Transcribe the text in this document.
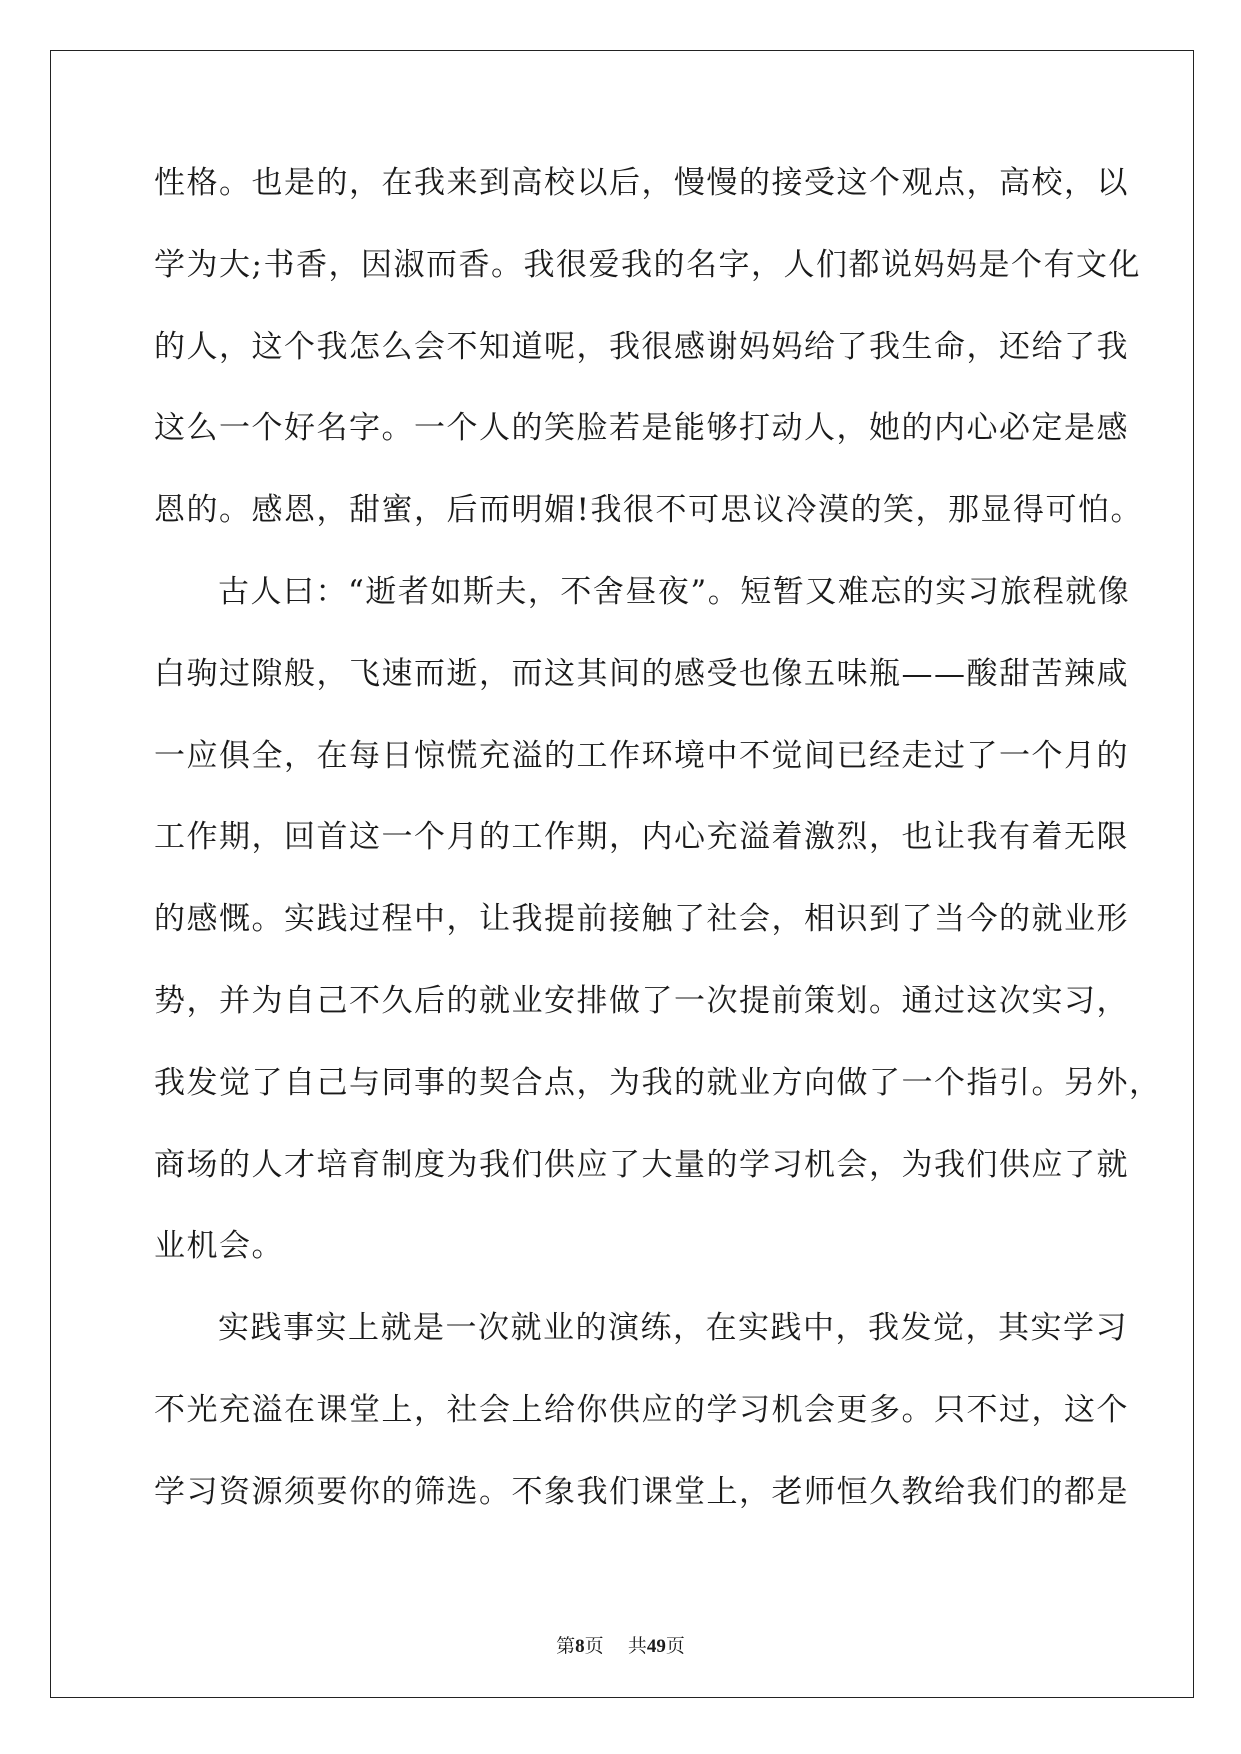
性格。也是的，在我来到高校以后，慢慢的接受这个观点，高校，以
学为大;书香，因淑而香。我很爱我的名字，人们都说妈妈是个有文化
的人，这个我怎么会不知道呢，我很感谢妈妈给了我生命，还给了我
这么一个好名字。一个人的笑脸若是能够打动人，她的内心必定是感
恩的。感恩，甜蜜，后而明媚!我很不可思议冷漠的笑，那显得可怕。
古人曰：“逝者如斯夫，不舍昼夜”。短暂又难忘的实习旅程就像
白驹过隙般，飞速而逝，而这其间的感受也像五味瓶——酸甜苦辣咸
一应俱全，在每日惊慌充溢的工作环境中不觉间已经走过了一个月的
工作期，回首这一个月的工作期，内心充溢着激烈，也让我有着无限
的感慨。实践过程中，让我提前接触了社会，相识到了当今的就业形
势，并为自己不久后的就业安排做了一次提前策划。通过这次实习，
我发觉了自己与同事的契合点，为我的就业方向做了一个指引。另外，
商场的人才培育制度为我们供应了大量的学习机会，为我们供应了就
业机会。
实践事实上就是一次就业的演练，在实践中，我发觉，其实学习
不光充溢在课堂上，社会上给你供应的学习机会更多。只不过，这个
学习资源须要你的筛选。不象我们课堂上，老师恒久教给我们的都是
第8页 共49页
